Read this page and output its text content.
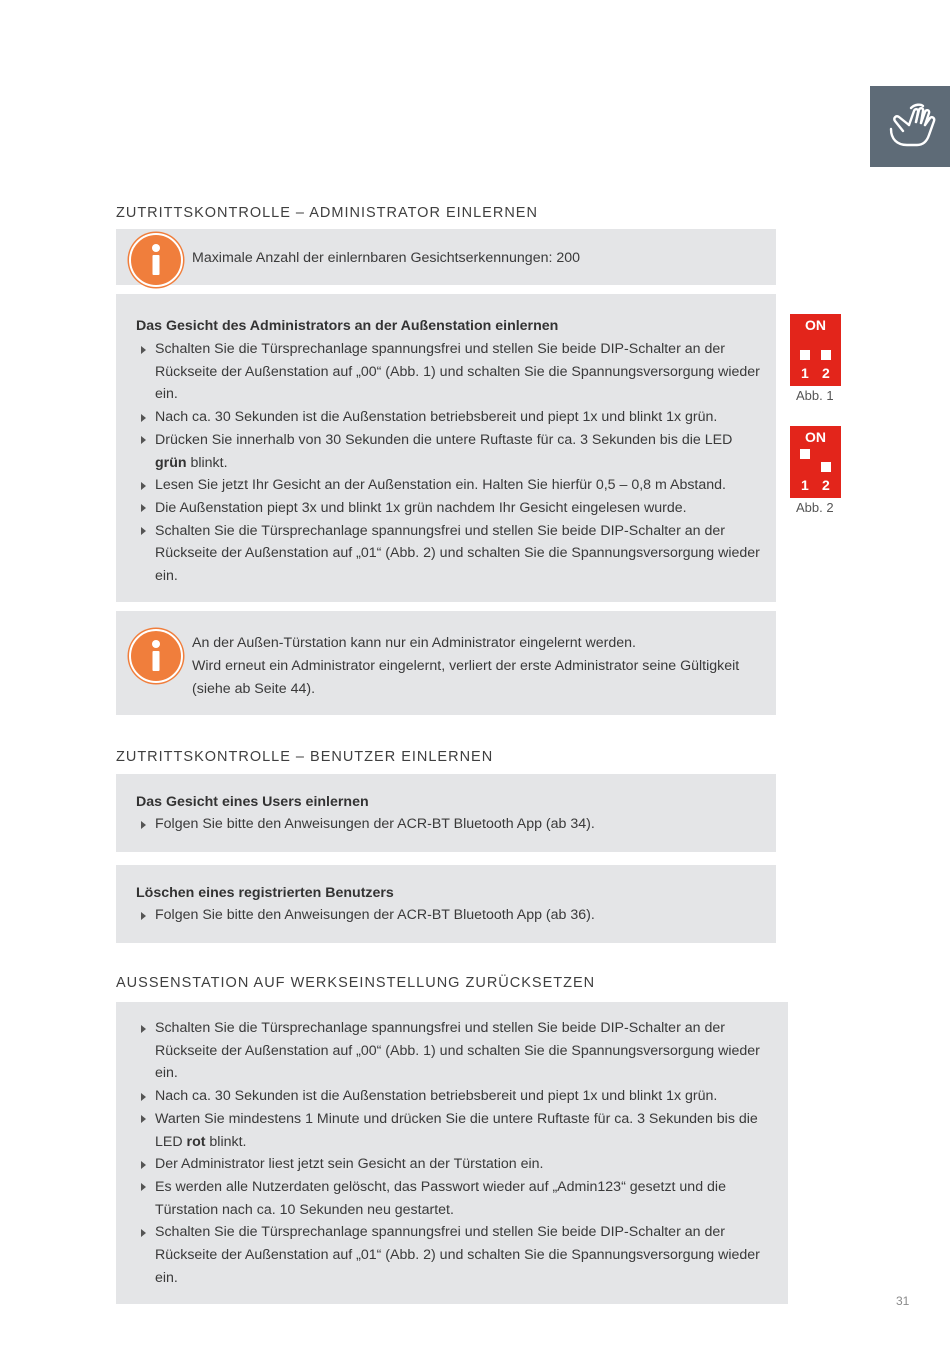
ZUTRITTSKONTROLLE – ADMINISTRATOR EINLERNEN
Maximale Anzahl der einlernbaren Gesichtserkennungen: 200
Das Gesicht des Administrators an der Außenstation einlernen
Schalten Sie die Türsprechanlage spannungsfrei und stellen Sie beide DIP-Schalter an der Rückseite der Außenstation auf „00“ (Abb. 1) und schalten Sie die Spannungsversorgung wieder ein.
Nach ca. 30 Sekunden ist die Außenstation betriebsbereit und piept 1x und blinkt 1x grün.
Drücken Sie innerhalb von 30 Sekunden die untere Ruftaste für ca. 3 Sekunden bis die LED grün blinkt.
Lesen Sie jetzt Ihr Gesicht an der Außenstation ein. Halten Sie hierfür 0,5 – 0,8 m Abstand.
Die Außenstation piept 3x und blinkt 1x grün nachdem Ihr Gesicht eingelesen wurde.
Schalten Sie die Türsprechanlage spannungsfrei und stellen Sie beide DIP-Schalter an der Rückseite der Außenstation auf „01“ (Abb. 2) und schalten Sie die Spannungsversorgung wieder ein.
ON
1 2
Abb. 1
ON
1 2
Abb. 2
An der Außen-Türstation kann nur ein Administrator eingelernt werden.
Wird erneut ein Administrator eingelernt, verliert der erste Administrator seine Gültigkeit
(siehe ab Seite 44).
ZUTRITTSKONTROLLE – BENUTZER EINLERNEN
Das Gesicht eines Users einlernen
Folgen Sie bitte den Anweisungen der ACR-BT Bluetooth App (ab 34).
Löschen eines registrierten Benutzers
Folgen Sie bitte den Anweisungen der ACR-BT Bluetooth App (ab 36).
AUSSENSTATION AUF WERKSEINSTELLUNG ZURÜCKSETZEN
Schalten Sie die Türsprechanlage spannungsfrei und stellen Sie beide DIP-Schalter an der Rückseite der Außenstation auf „00“ (Abb. 1) und schalten Sie die Spannungsversorgung wieder ein.
Nach ca. 30 Sekunden ist die Außenstation betriebsbereit und piept 1x und blinkt 1x grün.
Warten Sie mindestens 1 Minute und drücken Sie die untere Ruftaste für ca. 3 Sekunden bis die LED rot blinkt.
Der Administrator liest jetzt sein Gesicht an der Türstation ein.
Es werden alle Nutzerdaten gelöscht, das Passwort wieder auf „Admin123“ gesetzt und die Türstation nach ca. 10 Sekunden neu gestartet.
Schalten Sie die Türsprechanlage spannungsfrei und stellen Sie beide DIP-Schalter an der Rückseite der Außenstation auf „01“ (Abb. 2) und schalten Sie die Spannungsversorgung wieder ein.
31
